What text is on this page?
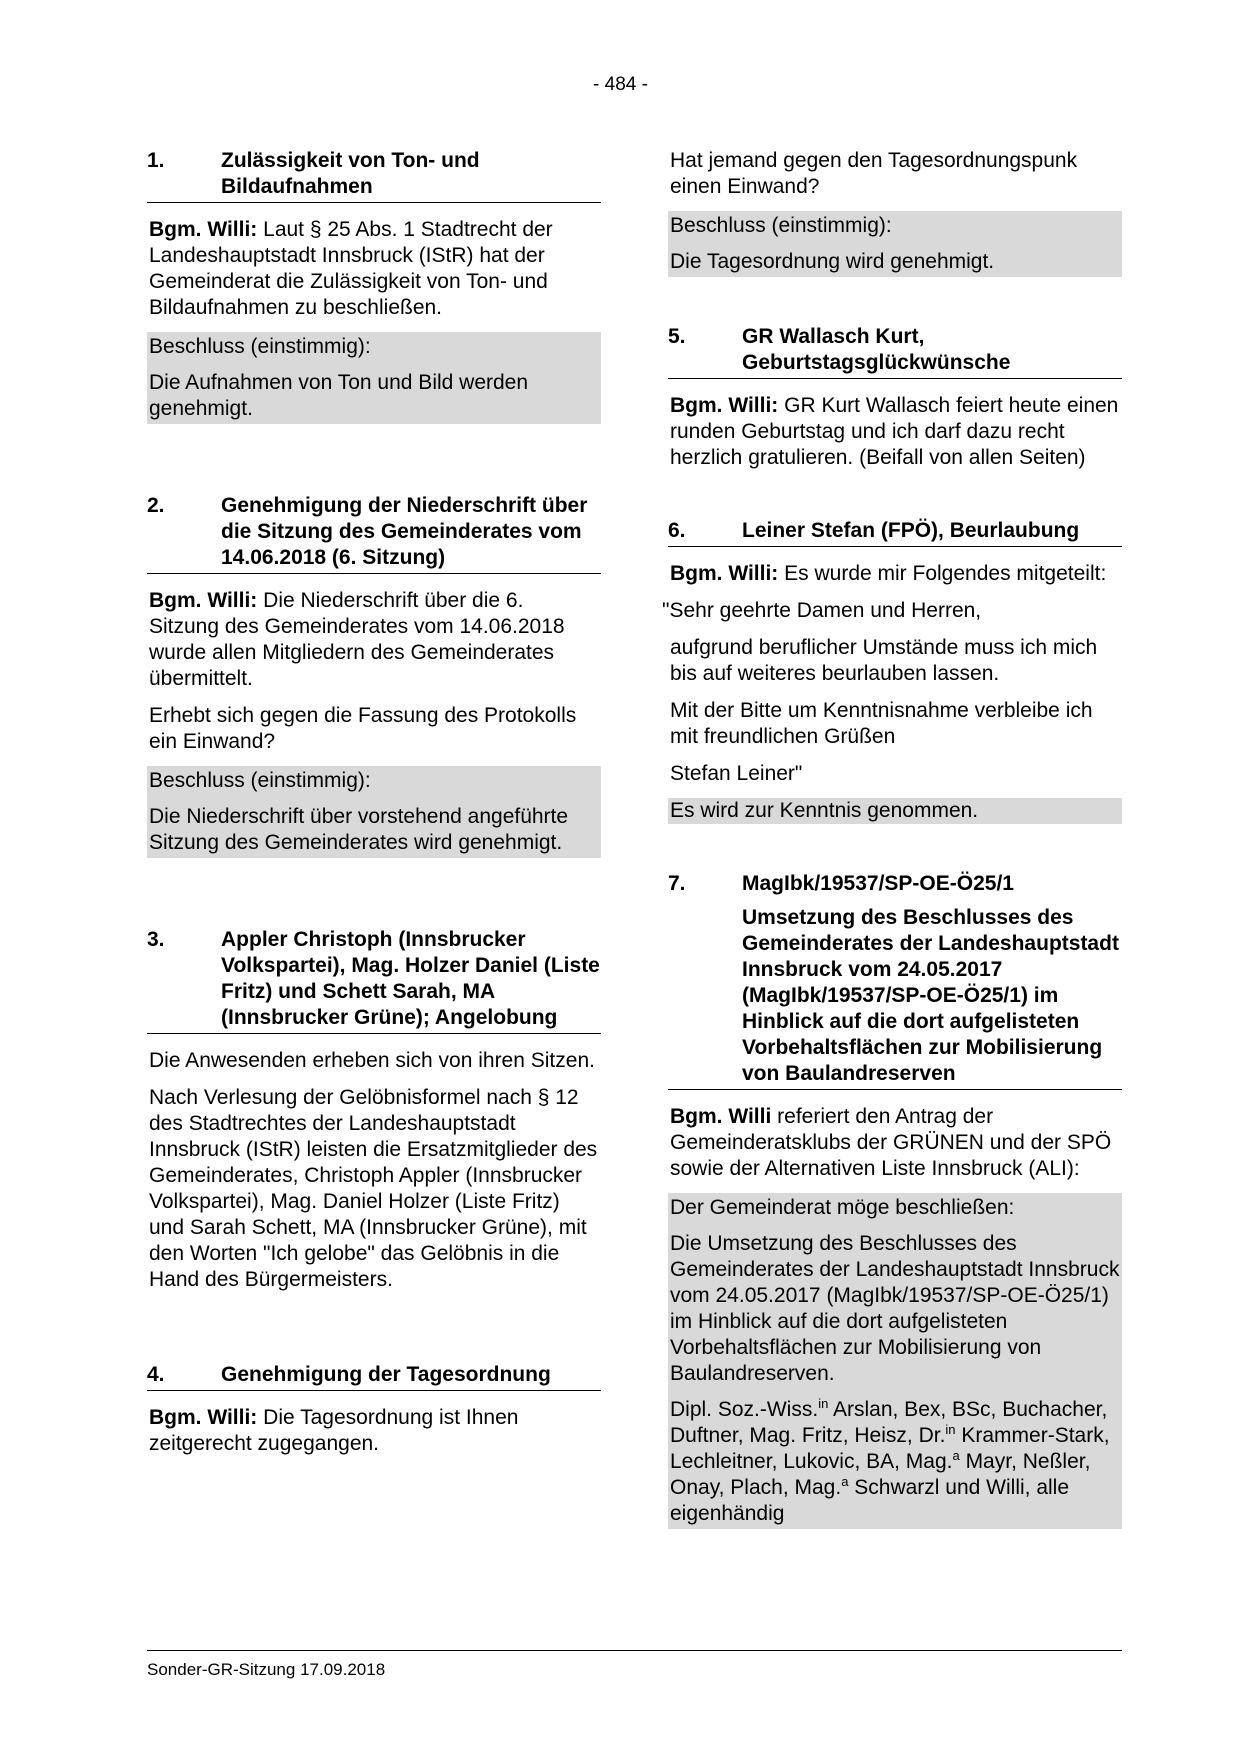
- 484 -
1.	Zulässigkeit von Ton- und Bildaufnahmen

Bgm. Willi: Laut § 25 Abs. 1 Stadtrecht der Landeshauptstadt Innsbruck (IStR) hat der Gemeinderat die Zulässigkeit von Ton- und Bildaufnahmen zu beschließen.

Beschluss (einstimmig):

Die Aufnahmen von Ton und Bild werden genehmigt.

2.	Genehmigung der Niederschrift über die Sitzung des Gemeinderates vom 14.06.2018 (6. Sitzung)

Bgm. Willi: Die Niederschrift über die 6. Sitzung des Gemeinderates vom 14.06.2018 wurde allen Mitgliedern des Gemeinderates übermittelt.

Erhebt sich gegen die Fassung des Protokolls ein Einwand?

Beschluss (einstimmig):

Die Niederschrift über vorstehend angeführte Sitzung des Gemeinderates wird genehmigt.

3.	Appler Christoph (Innsbrucker Volkspartei), Mag. Holzer Daniel (Liste Fritz) und Schett Sarah, MA (Innsbrucker Grüne); Angelobung

Die Anwesenden erheben sich von ihren Sitzen.

Nach Verlesung der Gelöbnisformel nach § 12 des Stadtrechtes der Landeshauptstadt Innsbruck (IStR) leisten die Ersatzmitglieder des Gemeinderates, Christoph Appler (Innsbrucker Volkspartei), Mag. Daniel Holzer (Liste Fritz) und Sarah Schett, MA (Innsbrucker Grüne), mit den Worten "Ich gelobe" das Gelöbnis in die Hand des Bürgermeisters.

4.	Genehmigung der Tagesordnung

Bgm. Willi: Die Tagesordnung ist Ihnen zeitgerecht zugegangen.

Hat jemand gegen den Tagesordnungspunk einen Einwand?

Beschluss (einstimmig):

Die Tagesordnung wird genehmigt.

5.	GR Wallasch Kurt, Geburtstagsglückwünsche

Bgm. Willi: GR Kurt Wallasch feiert heute einen runden Geburtstag und ich darf dazu recht herzlich gratulieren. (Beifall von allen Seiten)

6.	Leiner Stefan (FPÖ), Beurlaubung

Bgm. Willi: Es wurde mir Folgendes mitgeteilt:

"Sehr geehrte Damen und Herren,

aufgrund beruflicher Umstände muss ich mich bis auf weiteres beurlauben lassen.

Mit der Bitte um Kenntnisnahme verbleibe ich mit freundlichen Grüßen

Stefan Leiner"

Es wird zur Kenntnis genommen.

7.	MagIbk/19537/SP-OE-Ö25/1
Umsetzung des Beschlusses des Gemeinderates der Landeshauptstadt Innsbruck vom 24.05.2017 (MagIbk/19537/SP-OE-Ö25/1) im Hinblick auf die dort aufgelisteten Vorbehaltsflächen zur Mobilisierung von Baulandreserven

Bgm. Willi referiert den Antrag der Gemeinderatsklubs der GRÜNEN und der SPÖ sowie der Alternativen Liste Innsbruck (ALI):

Der Gemeinderat möge beschließen:

Die Umsetzung des Beschlusses des Gemeinderates der Landeshauptstadt Innsbruck vom 24.05.2017 (MagIbk/19537/SP-OE-Ö25/1) im Hinblick auf die dort aufgelisteten Vorbehaltsflächen zur Mobilisierung von Baulandreserven.

Dipl. Soz.-Wiss.$^{in}$ Arslan, Bex, BSc, Buchacher, Duftner, Mag. Fritz, Heisz, Dr.$^{in}$ Krammer-Stark, Lechleitner, Lukovic, BA, Mag.$^a$ Mayr, Neßler, Onay, Plach, Mag.$^a$ Schwarzl und Willi, alle eigenhändig

Sonder-GR-Sitzung 17.09.2018
